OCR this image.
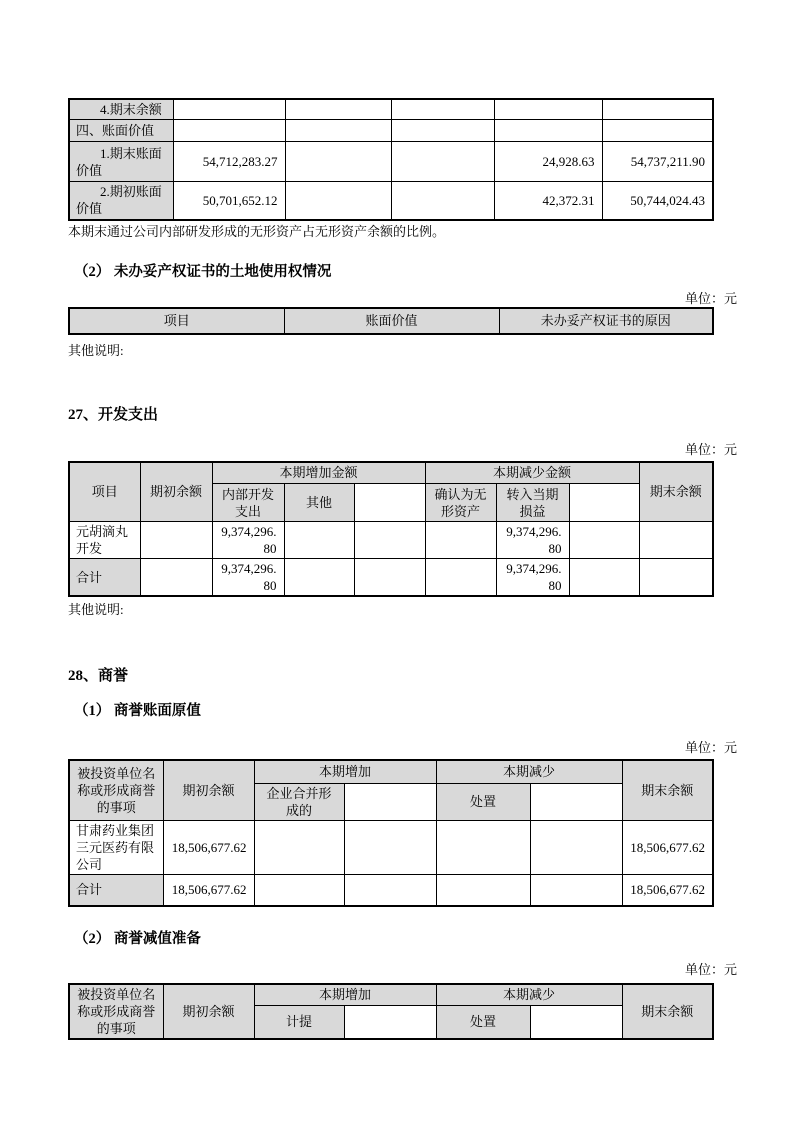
4.期末余额					
四、账面价值					
1.期末账面价值	54,712,283.27			24,928.63	54,737,211.90
2.期初账面价值	50,701,652.12			42,372.31	50,744,024.43

本期末通过公司内部研发形成的无形资产占无形资产余额的比例。

（2） 未办妥产权证书的土地使用权情况

单位：元

项目	账面价值	未办妥产权证书的原因

其他说明:

27、开发支出

单位：元

项目	期初余额	本期增加金额			本期减少金额			期末余额
		内部开发支出	其他		确认为无形资产	转入当期损益		
元胡滴丸开发		9,374,296.80				9,374,296.80		
合计		9,374,296.80				9,374,296.80		

其他说明:

28、商誉
（1） 商誉账面原值

单位：元

被投资单位名称或形成商誉的事项	期初余额	本期增加		本期减少		期末余额
		企业合并形成的		处置		
甘肃药业集团三元医药有限公司	18,506,677.62					18,506,677.62
合计	18,506,677.62					18,506,677.62
（2） 商誉减值准备

单位：元

被投资单位名称或形成商誉的事项	期初余额	本期增加		本期减少		期末余额
		计提		处置		
